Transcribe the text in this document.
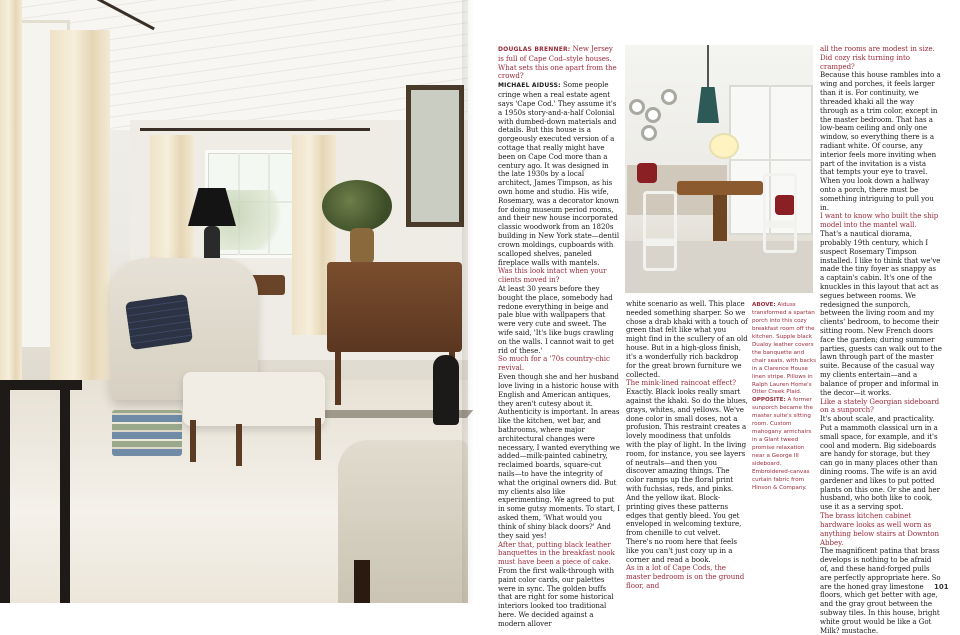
DOUGLAS BRENNER: New Jersey is full of Cape Cod–style houses. What sets this one apart from the crowd?

MICHAEL AIDUSS: Some people cringe when a real estate agent says 'Cape Cod.' They assume it's a 1950s story-and-a-half Colonial with dumbed-down materials and details. But this house is a gorgeously executed version of a cottage that really might have been on Cape Cod more than a century ago. It was designed in the late 1930s by a local architect, James Timpson, as his own home and studio. His wife, Rosemary, was a decorator known for doing museum period rooms, and their new house incorporated classic woodwork from an 1820s building in New York state—dentil crown moldings, cupboards with scalloped shelves, paneled fireplace walls with mantels.

Was this look intact when your clients moved in?

At least 30 years before they bought the place, somebody had redone everything in beige and pale blue with wallpapers that were very cute and sweet. The wife said, 'It's like bugs crawling on the walls. I cannot wait to get rid of these.'

So much for a '70s country-chic revival.

Even though she and her husband love living in a historic house with English and American antiques, they aren't cutesy about it. Authenticity is important. In areas like the kitchen, wet bar, and bathrooms, where major architectural changes were necessary, I wanted everything we added—milk-painted cabinetry, reclaimed boards, square-cut nails—to have the integrity of what the original owners did. But my clients also like experimenting. We agreed to put in some gutsy moments. To start, I asked them, 'What would you think of shiny black doors?' And they said yes!

After that, putting black leather banquettes in the breakfast nook must have been a piece of cake.

From the first walk-through with paint color cards, our palettes were in sync. The golden buffs that are right for some historical interiors looked too traditional here. We decided against a modern allover

white scenario as well. This place needed something sharper. So we chose a drab khaki with a touch of green that felt like what you might find in the scullery of an old house. But in a high-gloss finish, it's a wonderfully rich backdrop for the great brown furniture we collected.

The mink-lined raincoat effect?

Exactly. Black looks really smart against the khaki. So do the blues, grays, whites, and yellows. We've done color in small doses, not a profusion. This restraint creates a lovely moodiness that unfolds with the play of light. In the living room, for instance, you see layers of neutrals—and then you discover amazing things. The color ramps up the floral print with fuchsias, reds, and pinks. And the yellow ikat. Block-printing gives these patterns edges that gently bleed. You get enveloped in welcoming texture, from chenille to cut velvet. There's no room here that feels like you can't just cozy up in a corner and read a book.

As in a lot of Cape Cods, the master bedroom is on the ground floor, and

ABOVE: Aiduss transformed a spartan porch into this cozy breakfast room off the kitchen. Supple black Dualoy leather covers the banquette and chair seats, with backs in a Clarence House linen stripe. Pillows in Ralph Lauren Home's Otter Creek Plaid.

OPPOSITE: A former sunporch became the master suite's sitting room. Custom mahogany armchairs in a Glant tweed promise relaxation near a George III sideboard. Embroidered-canvas curtain fabric from Hinson & Company.

all the rooms are modest in size. Did cozy risk turning into cramped?

Because this house rambles into a wing and porches, it feels larger than it is. For continuity, we threaded khaki all the way through as a trim color, except in the master bedroom. That has a low-beam ceiling and only one window, so everything there is a radiant white. Of course, any interior feels more inviting when part of the invitation is a vista that tempts your eye to travel. When you look down a hallway onto a porch, there must be something intriguing to pull you in.

I want to know who built the ship model into the mantel wall.

That's a nautical diorama, probably 19th century, which I suspect Rosemary Timpson installed. I like to think that we've made the tiny foyer as snappy as a captain's cabin. It's one of the knuckles in this layout that act as segues between rooms. We redesigned the sunporch, between the living room and my clients' bedroom, to become their sitting room. New French doors face the garden; during summer parties, guests can walk out to the lawn through part of the master suite. Because of the casual way my clients entertain—and a balance of proper and informal in the decor—it works.

Like a stately Georgian sideboard on a sunporch?

It's about scale, and practicality. Put a mammoth classical urn in a small space, for example, and it's cool and modern. Big sideboards are handy for storage, but they can go in many places other than dining rooms. The wife is an avid gardener and likes to put potted plants on this one. Or she and her husband, who both like to cook, use it as a serving spot.

The brass kitchen cabinet hardware looks as well worn as anything below stairs at Downton Abbey.

The magnificent patina that brass develops is nothing to be afraid of, and these hand-forged pulls are perfectly appropriate here. So are the honed gray limestone floors, which get better with age, and the gray grout between the subway tiles. In this house, bright white grout would be like a Got Milk? mustache.

101
